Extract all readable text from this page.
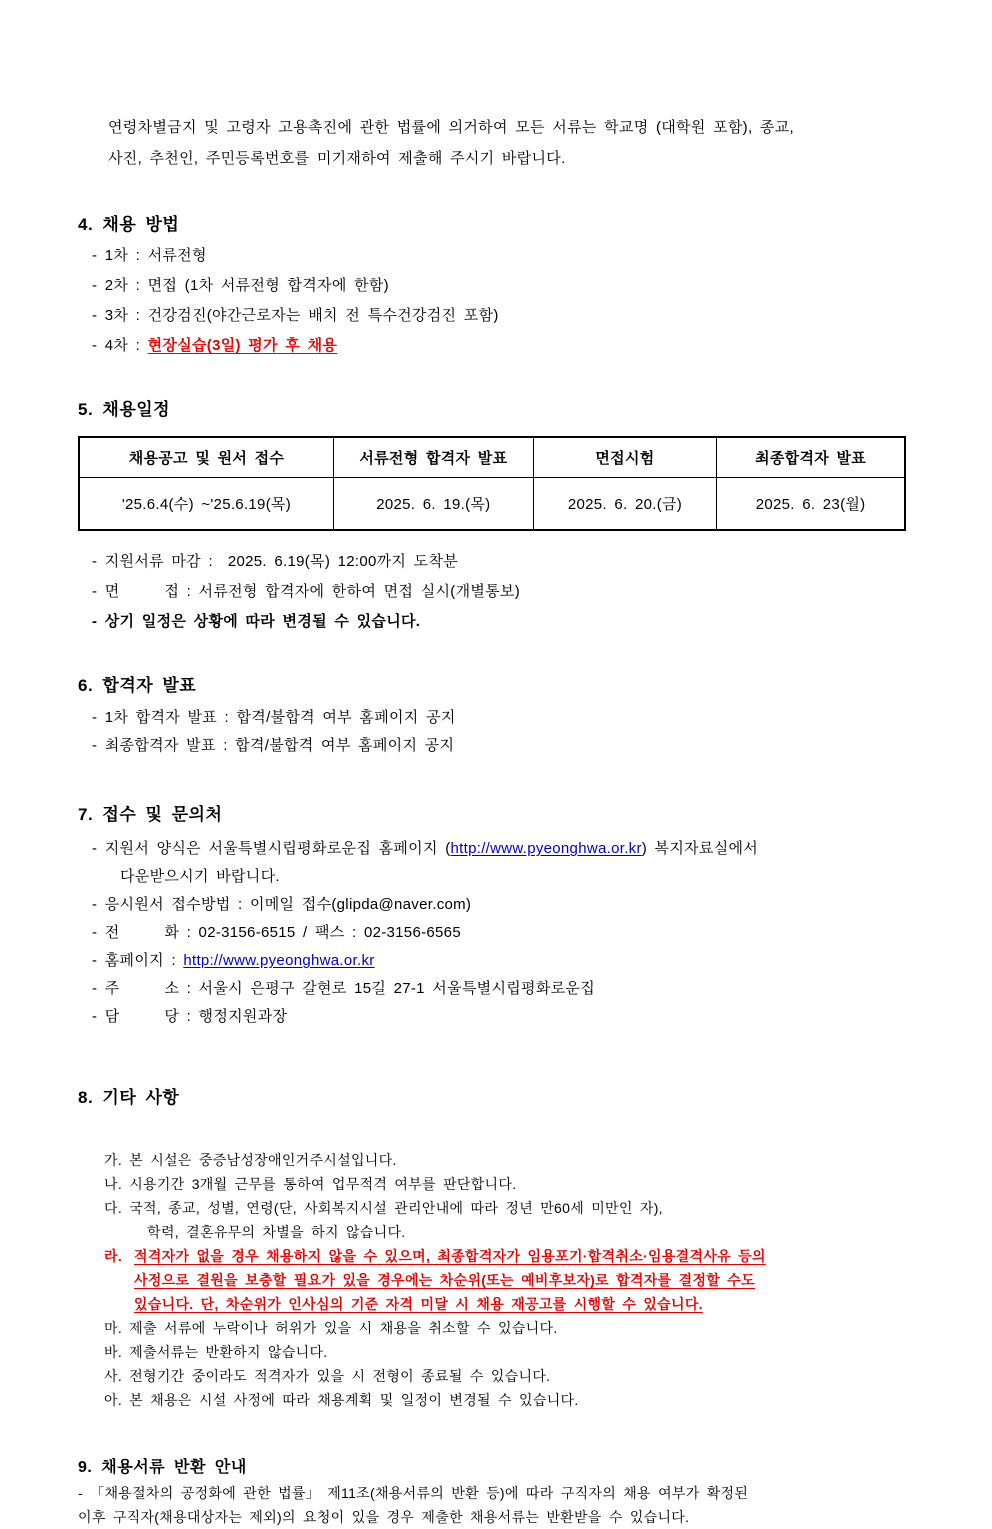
연령차별금지 및 고령자 고용촉진에 관한 법률에 의거하여 모든 서류는 학교명 (대학원 포함), 종교,
사진, 추천인, 주민등록번호를 미기재하여 제출해 주시기 바랍니다.
4. 채용 방법
- 1차 : 서류전형
- 2차 : 면접 (1차 서류전형 합격자에 한함)
- 3차 : 건강검진(야간근로자는 배치 전 특수건강검진 포함)
- 4차 : 현장실습(3일) 평가 후 채용
5. 채용일정
채용공고 및 원서 접수	서류전형 합격자 발표	면접시험	최종합격자 발표
'25.6.4(수) ~'25.6.19(목)	2025. 6. 19.(목)	2025. 6. 20.(금)	2025. 6. 23(월)
- 지원서류 마감 :  2025. 6.19(목) 12:00까지 도착분
- 면      접 : 서류전형 합격자에 한하여 면접 실시(개별통보)
- 상기 일정은 상황에 따라 변경될 수 있습니다.
6. 합격자 발표
- 1차 합격자 발표 : 합격/불합격 여부 홈페이지 공지
- 최종합격자 발표 : 합격/불합격 여부 홈페이지 공지
7. 접수 및 문의처
- 지원서 양식은 서울특별시립평화로운집 홈페이지 (http://www.pyeonghwa.or.kr) 복지자료실에서
다운받으시기 바랍니다.
- 응시원서 접수방법 : 이메일 접수(glipda@naver.com)
- 전      화 : 02-3156-6515 / 팩스 : 02-3156-6565
- 홈페이지 : http://www.pyeonghwa.or.kr
- 주      소 : 서울시 은평구 갈현로 15길 27-1 서울특별시립평화로운집
- 담      당 : 행정지원과장
8. 기타 사항
가. 본 시설은 중증남성장애인거주시설입니다.
나. 시용기간 3개월 근무를 통하여 업무적격 여부를 판단합니다.
다. 국적, 종교, 성별, 연령(단, 사회복지시설 관리안내에 따라 정년 만60세 미만인 자),
학력, 결혼유무의 차별을 하지 않습니다.
라. 적격자가 없을 경우 채용하지 않을 수 있으며, 최종합격자가 임용포기·합격취소·임용결격사유 등의
사정으로 결원을 보충할 필요가 있을 경우에는 차순위(또는 예비후보자)로 합격자를 결정할 수도
있습니다. 단, 차순위가 인사심의 기준 자격 미달 시 채용 재공고를 시행할 수 있습니다.
마. 제출 서류에 누락이나 허위가 있을 시 채용을 취소할 수 있습니다.
바. 제출서류는 반환하지 않습니다.
사. 전형기간 중이라도 적격자가 있을 시 전형이 종료될 수 있습니다.
아. 본 채용은 시설 사정에 따라 채용계획 및 일정이 변경될 수 있습니다.
9. 채용서류 반환 안내
- 「채용절차의 공정화에 관한 법률」 제11조(채용서류의 반환 등)에 따라 구직자의 채용 여부가 확정된
이후 구직자(채용대상자는 제외)의 요청이 있을 경우 제출한 채용서류는 반환받을 수 있습니다.
